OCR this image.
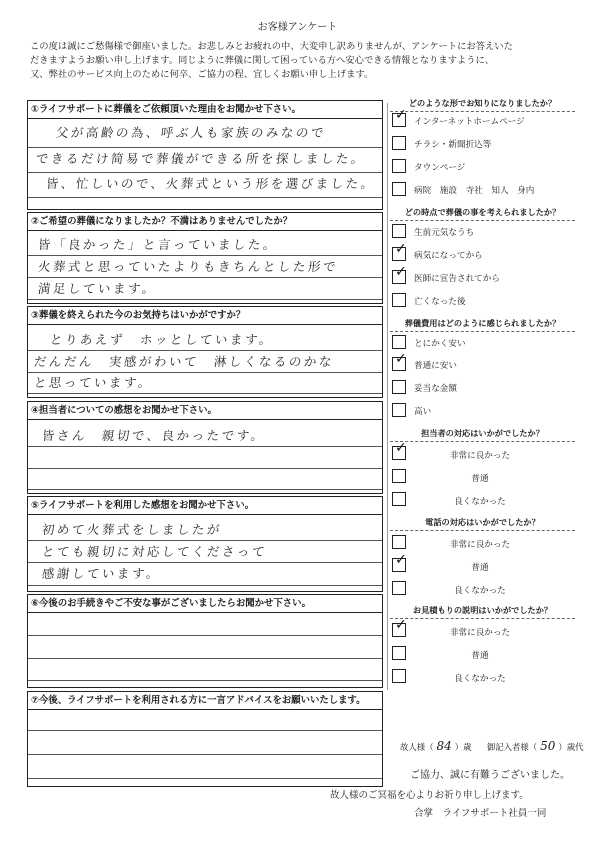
お客様アンケート
この度は誠にご愁傷様で御座いました。お悲しみとお疲れの中、大変申し訳ありませんが、アンケートにお答えいた
だきますようお願い申し上げます。同じように葬儀に関して困っている方へ安心できる情報となりますように、
又、弊社のサービス向上のために何卒、ご協力の程、宜しくお願い申し上げます。
①ライフサポートに葬儀をご依頼頂いた理由をお聞かせ下さい。
父が高齢の為、呼ぶ人も家族のみなので
できるだけ简易で葬儀ができる所を探しました。
皆、忙しいので、火葬式という形を選びました。
②ご希望の葬儀になりましたか？不満はありませんでしたか？
皆「良かった」と言っていました。
火葬式と思っていたよりもきちんとした形で
満足しています。
③葬儀を終えられた今のお気持ちはいかがですか？
とりあえず　ホッとしています。
だんだん　実感がわいて　淋しくなるのかな
と思っています。
④担当者についての感想をお聞かせ下さい。
皆さん　親切で、良かったです。
⑤ライフサポートを利用した感想をお聞かせ下さい。
初めて火葬式をしましたが
とても親切に対応してくださって
感謝しています。
⑥今後のお手続きやご不安な事がございましたらお聞かせ下さい。
⑦今後、ライフサポートを利用される方に一言アドバイスをお願いいたします。
どのような形でお知りになりましたか？
✓ インターネットホームページ
チラシ・新聞折込等
タウンページ
病院　施設　寺社　知人　身内
どの時点で葬儀の事を考えられましたか？
生前元気なうち
✓ 病気になってから
✓ 医師に宣告されてから
亡くなった後
葬儀費用はどのように感じられましたか？
とにかく安い
✓ 普通に安い
妥当な金額
高い
担当者の対応はいかがでしたか？
✓	非常に良かった
普通
良くなかった
電話の対応はいかがでしたか？
非常に良かった
✓	普通
良くなかった
お見積もりの説明はいかがでしたか？
✓	非常に良かった
普通
良くなかった
故人様（ 84 ）歳 御記入者様（ 50 ）歳代
ご協力、誠に有難うございました。
故人様のご冥福を心よりお祈り申し上げます。
合掌　ライフサポート社員一同
